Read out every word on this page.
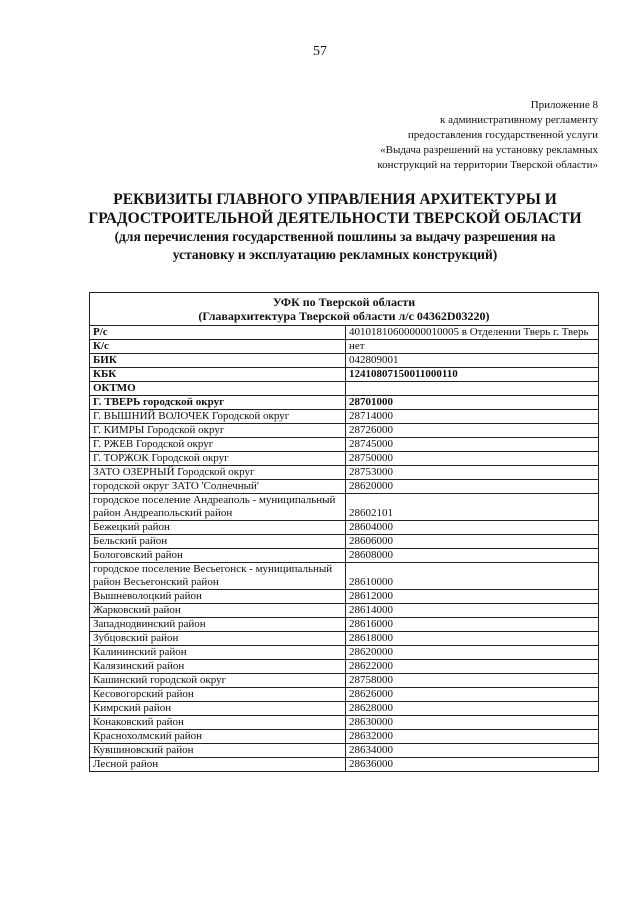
57
Приложение 8
к административному регламенту
предоставления государственной услуги
«Выдача разрешений на установку рекламных
конструкций на территории Тверской области»
РЕКВИЗИТЫ ГЛАВНОГО УПРАВЛЕНИЯ АРХИТЕКТУРЫ И
ГРАДОСТРОИТЕЛЬНОЙ ДЕЯТЕЛЬНОСТИ ТВЕРСКОЙ ОБЛАСТИ
(для перечисления государственной пошлины за выдачу разрешения на
установку и эксплуатацию рекламных конструкций)
УФК по Тверской области
(Главархитектура Тверской области л/с 04362D03220)	

Р/с	40101810600000010005 в Отделении Тверь г. Тверь
К/с	нет
БИК	042809001
КБК	12410807150011000110
ОКТМО	
Г. ТВЕРЬ городской округ	28701000
Г. ВЫШНИЙ ВОЛОЧЕК Городской округ	28714000
Г. КИМРЫ Городской округ	28726000
Г. РЖЕВ Городской округ	28745000
Г. ТОРЖОК Городской округ	28750000
ЗАТО ОЗЕРНЫЙ Городской округ	28753000
городской округ ЗАТО 'Солнечный'	28620000
городское поселение Андреаполь - муниципальный район Андреапольский район	28602101
Бежецкий район	28604000
Бельский район	28606000
Бологовский район	28608000
городское поселение Весьегонск - муниципальный район Весьегонский район	28610000
Вышневолоцкий район	28612000
Жарковский район	28614000
Западнодвинский район	28616000
Зубцовский район	28618000
Калининский район	28620000
Калязинский район	28622000
Кашинский городской округ	28758000
Кесовогорский район	28626000
Кимрский район	28628000
Конаковский район	28630000
Краснохолмский район	28632000
Кувшиновский район	28634000
Лесной район	28636000
